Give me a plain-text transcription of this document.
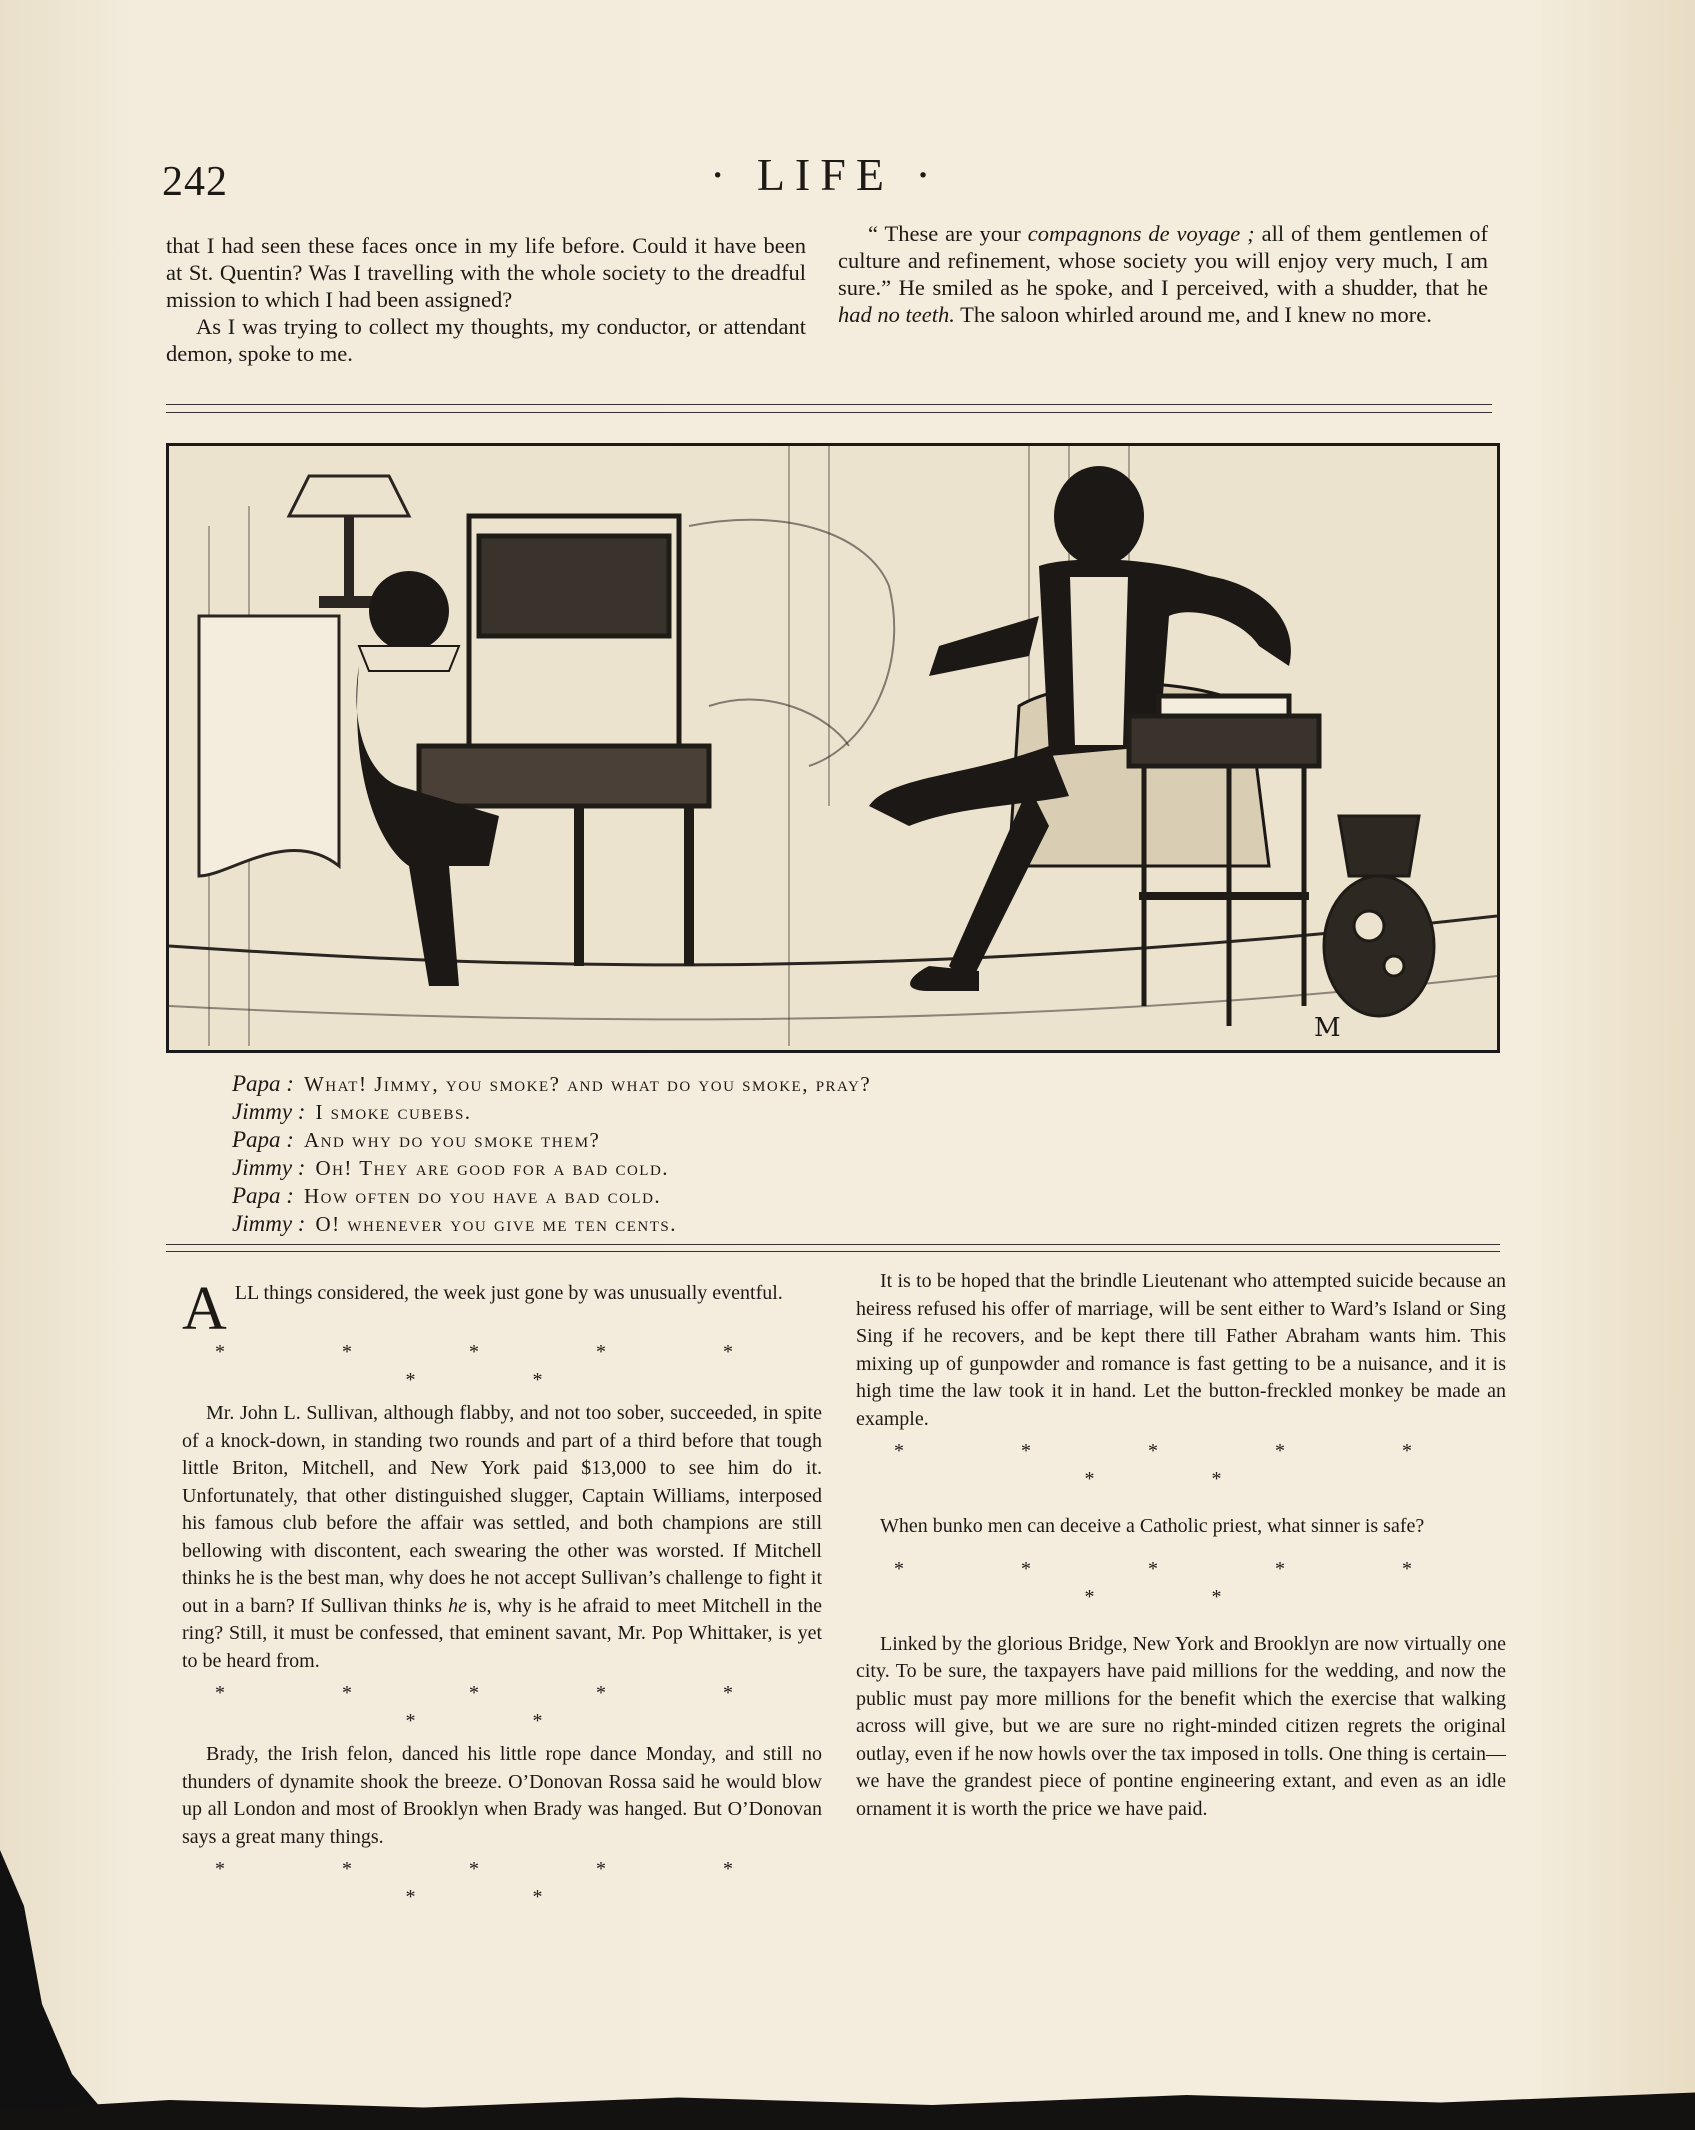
242	· LIFE ·

that I had seen these faces once in my life before. Could it have been at St. Quentin? Was I travelling with the whole society to the dreadful mission to which I had been assigned?

As I was trying to collect my thoughts, my conductor, or attendant demon, spoke to me.

“ These are your compagnons de voyage ; all of them gentlemen of culture and refinement, whose society you will enjoy very much, I am sure.” He smiled as he spoke, and I perceived, with a shudder, that he had no teeth. The saloon whirled around me, and I knew no more.

M
Papa : What! Jimmy, you smoke? and what do you smoke, pray?
Jimmy : I smoke cubebs.
Papa : And why do you smoke them?
Jimmy : Oh! They are good for a bad cold.
Papa : How often do you have a bad cold.
Jimmy : O! whenever you give me ten cents.

ALL things considered, the week just gone by was unusually eventful.

* * * * * * *

Mr. John L. Sullivan, although flabby, and not too sober, succeeded, in spite of a knock-down, in standing two rounds and part of a third before that tough little Briton, Mitchell, and New York paid $13,000 to see him do it. Unfortunately, that other distinguished slugger, Captain Williams, interposed his famous club before the affair was settled, and both champions are still bellowing with discontent, each swearing the other was worsted. If Mitchell thinks he is the best man, why does he not accept Sullivan’s challenge to fight it out in a barn? If Sullivan thinks he is, why is he afraid to meet Mitchell in the ring? Still, it must be confessed, that eminent savant, Mr. Pop Whittaker, is yet to be heard from.

* * * * * * *

Brady, the Irish felon, danced his little rope dance Monday, and still no thunders of dynamite shook the breeze. O’Donovan Rossa said he would blow up all London and most of Brooklyn when Brady was hanged. But O’Donovan says a great many things.

* * * * * * *

It is to be hoped that the brindle Lieutenant who attempted suicide because an heiress refused his offer of marriage, will be sent either to Ward’s Island or Sing Sing if he recovers, and be kept there till Father Abraham wants him. This mixing up of gunpowder and romance is fast getting to be a nuisance, and it is high time the law took it in hand. Let the button-freckled monkey be made an example.

* * * * * * *

When bunko men can deceive a Catholic priest, what sinner is safe?

* * * * * * *

Linked by the glorious Bridge, New York and Brooklyn are now virtually one city. To be sure, the taxpayers have paid millions for the wedding, and now the public must pay more millions for the benefit which the exercise that walking across will give, but we are sure no right-minded citizen regrets the original outlay, even if he now howls over the tax imposed in tolls. One thing is certain—we have the grandest piece of pontine engineering extant, and even as an idle ornament it is worth the price we have paid.
